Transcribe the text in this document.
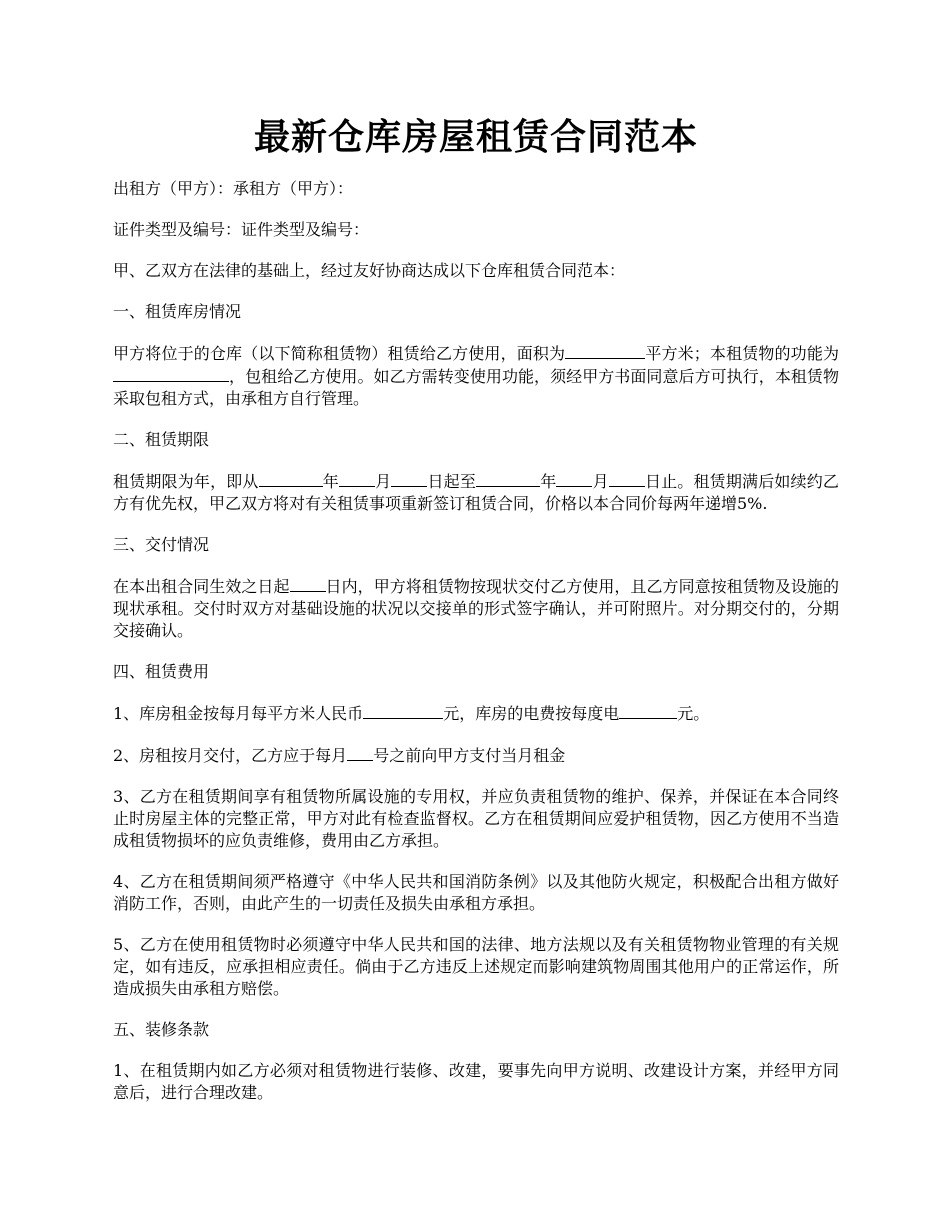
最新仓库房屋租赁合同范本

出租方（甲方）：承租方（甲方）：

证件类型及编号：证件类型及编号：

甲、乙双方在法律的基础上，经过友好协商达成以下仓库租赁合同范本：

一、租赁库房情况

甲方将位于的仓库（以下简称租赁物）租赁给乙方使用，面积为	平方米；本租赁物的功能为，包租给乙方使用。如乙方需转变使用功能，须经甲方书面同意后方可执行，本租赁物采取包租方式，由承租方自行管理。

二、租赁期限

租赁期限为年，即从	年 月 日起至	年 月 日止。租赁期满后如续约乙方有优先权，甲乙双方将对有关租赁事项重新签订租赁合同，价格以本合同价每两年递增5%.

三、交付情况

在本出租合同生效之日起 日内，甲方将租赁物按现状交付乙方使用，且乙方同意按租赁物及设施的现状承租。交付时双方对基础设施的状况以交接单的形式签字确认，并可附照片。对分期交付的，分期交接确认。

四、租赁费用

1、库房租金按每月每平方米人民币	元，库房的电费按每度电	元。

2、房租按月交付，乙方应于每月 号之前向甲方支付当月租金

3、乙方在租赁期间享有租赁物所属设施的专用权，并应负责租赁物的维护、保养，并保证在本合同终止时房屋主体的完整正常，甲方对此有检查监督权。乙方在租赁期间应爱护租赁物，因乙方使用不当造成租赁物损坏的应负责维修，费用由乙方承担。

4、乙方在租赁期间须严格遵守《中华人民共和国消防条例》以及其他防火规定，积极配合出租方做好消防工作，否则，由此产生的一切责任及损失由承租方承担。

5、乙方在使用租赁物时必须遵守中华人民共和国的法律、地方法规以及有关租赁物物业管理的有关规定，如有违反，应承担相应责任。倘由于乙方违反上述规定而影响建筑物周围其他用户的正常运作，所造成损失由承租方赔偿。

五、装修条款

1、在租赁期内如乙方必须对租赁物进行装修、改建，要事先向甲方说明、改建设计方案，并经甲方同意后，进行合理改建。
